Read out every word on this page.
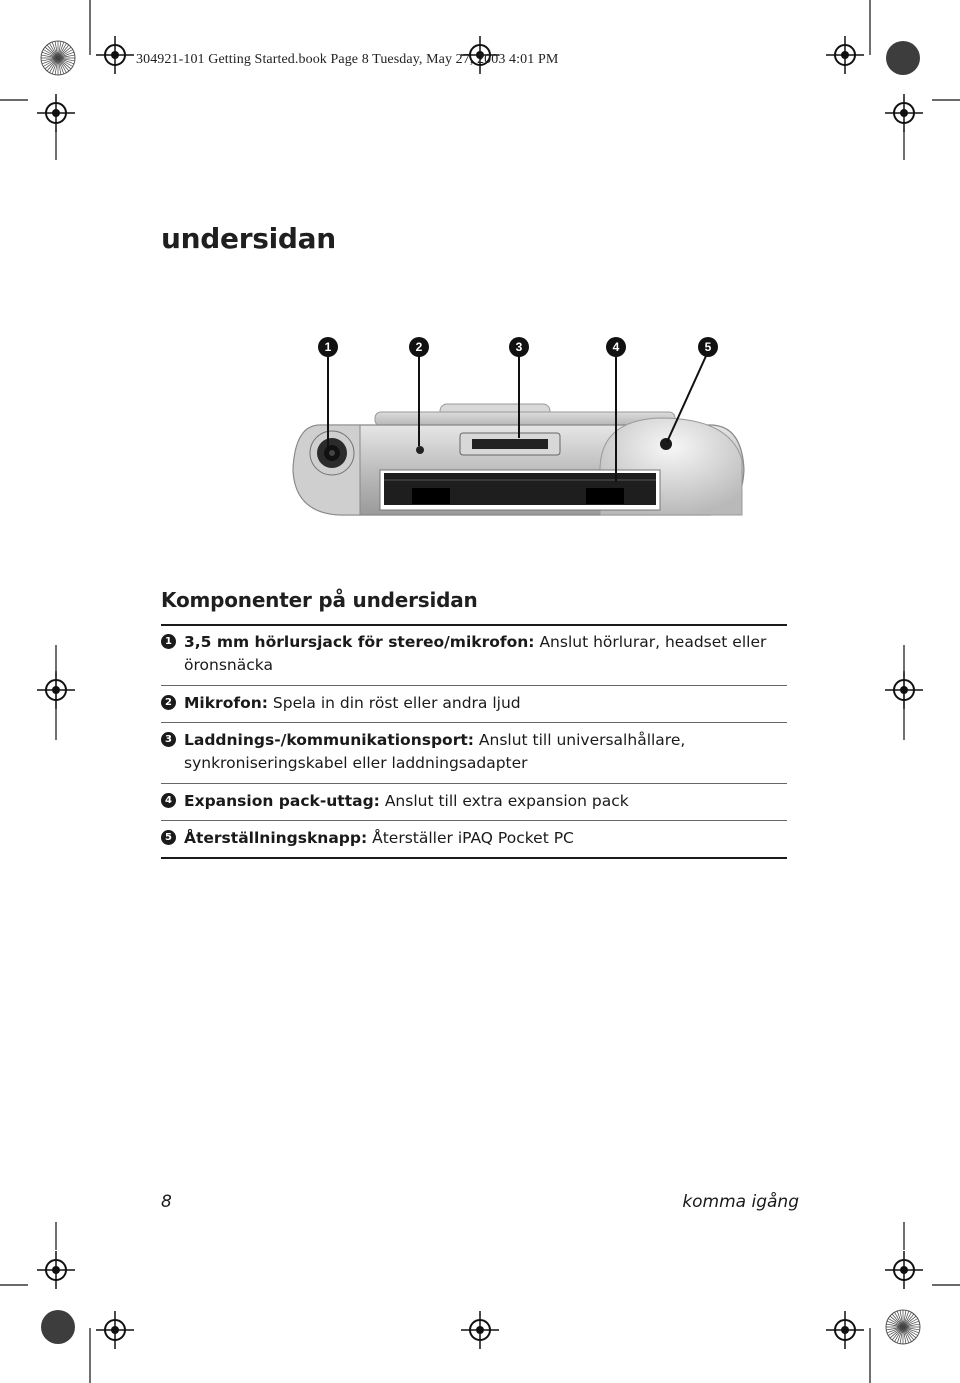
304921-101 Getting Started.book Page 8 Tuesday, May 27, 2003 4:01 PM
undersidan
1	2	3	4	5
Komponenter på undersidan
1 3,5 mm hörlursjack för stereo/mikrofon: Anslut hörlurar, headset eller öronsnäcka
2 Mikrofon: Spela in din röst eller andra ljud
3 Laddnings-/kommunikationsport: Anslut till universalhållare, synkroniseringskabel eller laddningsadapter
4 Expansion pack-uttag: Anslut till extra expansion pack
5 Återställningsknapp: Återställer iPAQ Pocket PC
8	komma igång
